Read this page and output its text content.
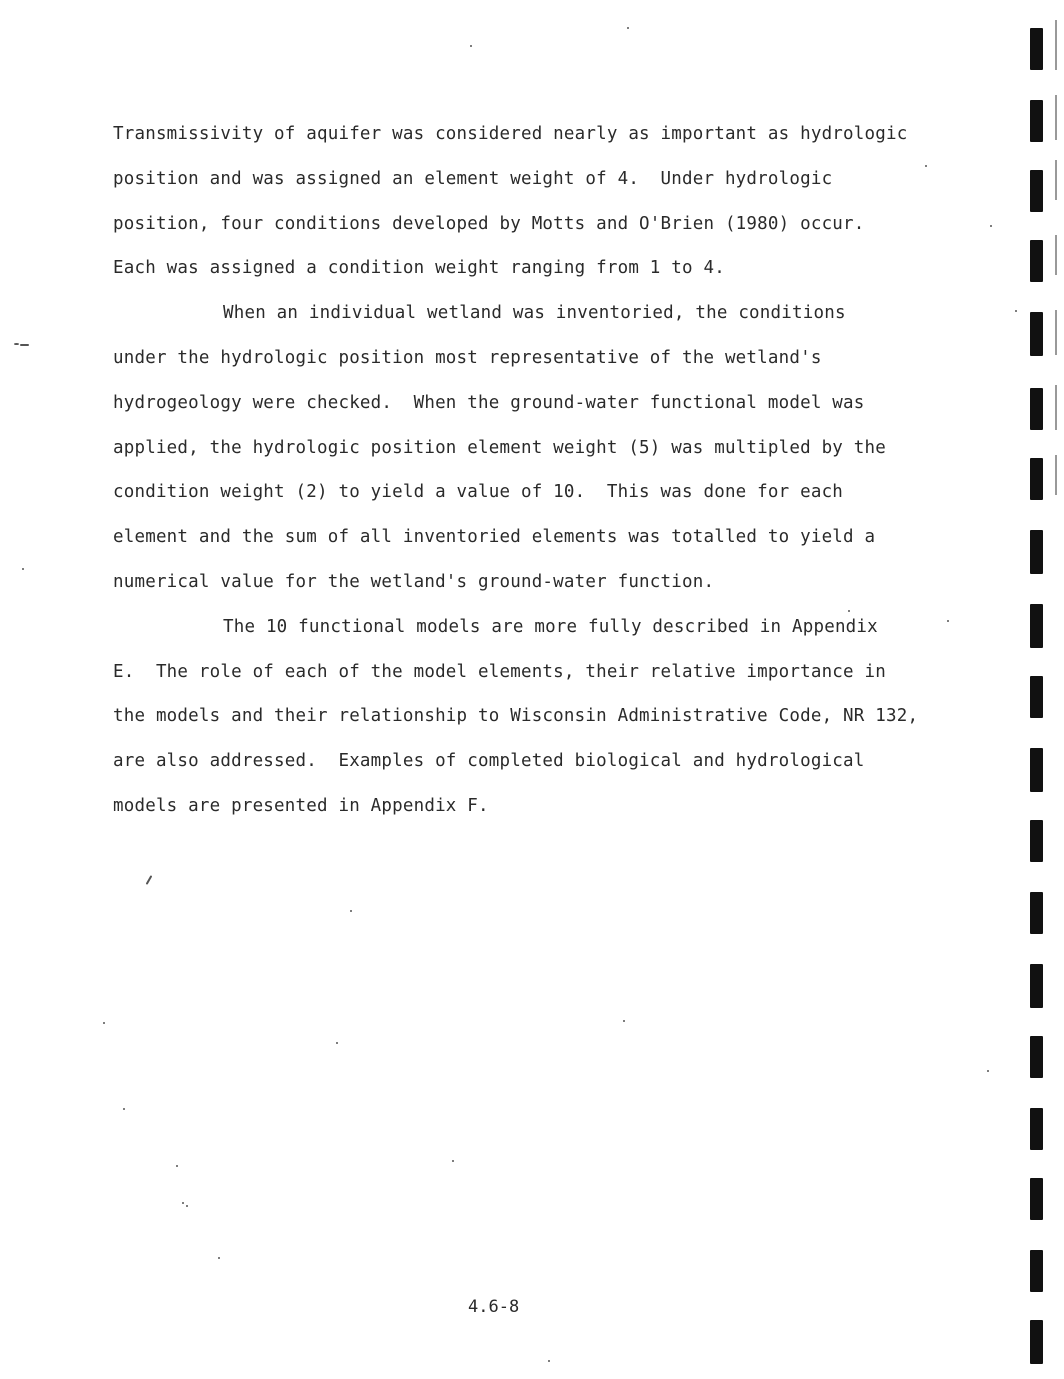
Transmissivity of aquifer was considered nearly as important as hydrologic
position and was assigned an element weight of 4.  Under hydrologic
position, four conditions developed by Motts and O'Brien (1980) occur.
Each was assigned a condition weight ranging from 1 to 4.
When an individual wetland was inventoried, the conditions
under the hydrologic position most representative of the wetland's
hydrogeology were checked.  When the ground-water functional model was
applied, the hydrologic position element weight (5) was multipled by the
condition weight (2) to yield a value of 10.  This was done for each
element and the sum of all inventoried elements was totalled to yield a
numerical value for the wetland's ground-water function.
The 10 functional models are more fully described in Appendix
E.  The role of each of the model elements, their relative importance in
the models and their relationship to Wisconsin Administrative Code, NR 132,
are also addressed.  Examples of completed biological and hydrological
models are presented in Appendix F.
4.6-8
